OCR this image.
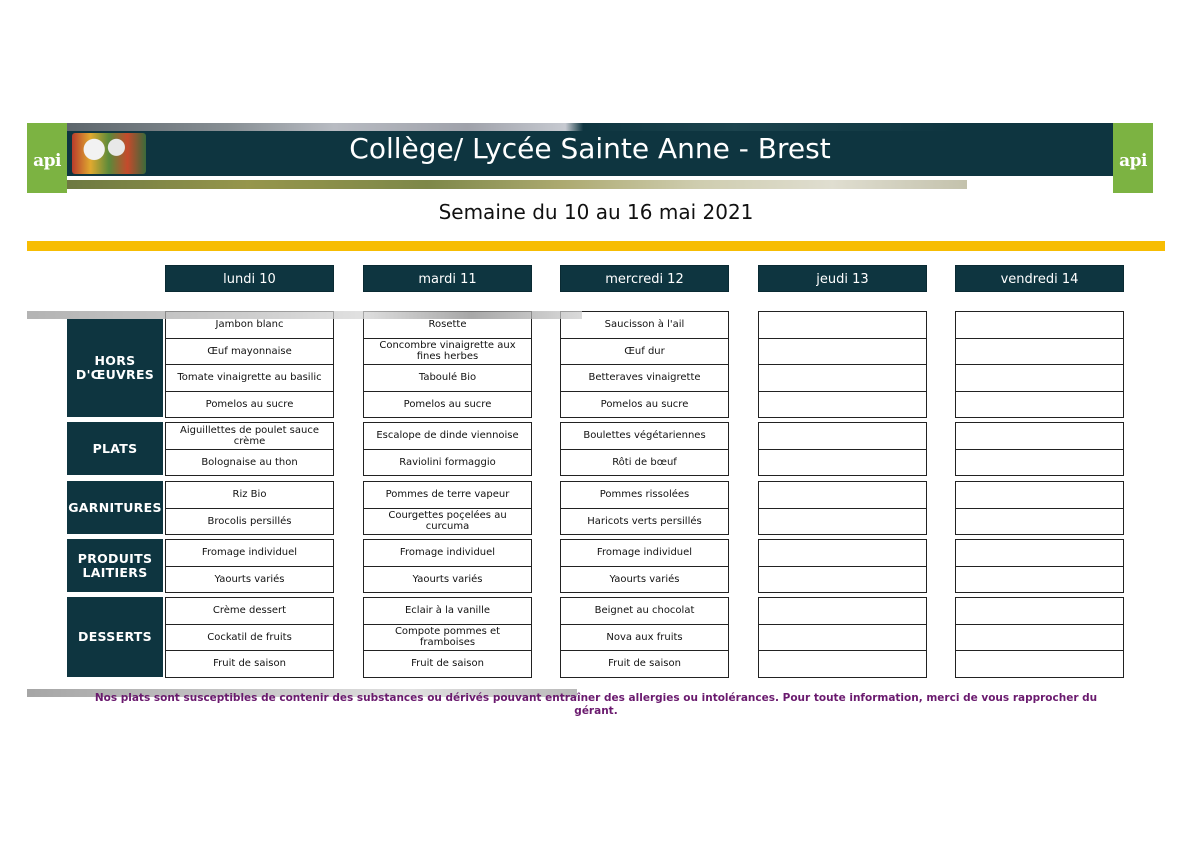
api	Collège/ Lycée Sainte Anne - Brest	api
Semaine du 10 au 16 mai 2021
lundi 10	mardi 11	mercredi 12	jeudi 13	vendredi 14
HORS
D'ŒUVRES
Jambon blanc	Rosette	Saucisson à l'ail
Œuf mayonnaise	Concombre vinaigrette aux fines herbes	Œuf dur
Tomate vinaigrette au basilic	Taboulé Bio	Betteraves vinaigrette
Pomelos au sucre	Pomelos au sucre	Pomelos au sucre
PLATS
Aiguillettes de poulet sauce crème	Escalope de dinde viennoise	Boulettes végétariennes
Bolognaise au thon	Raviolini formaggio	Rôti de bœuf
GARNITURES
Riz Bio	Pommes de terre vapeur	Pommes rissolées
Brocolis persillés	Courgettes poçelées au curcuma	Haricots verts persillés
PRODUITS
LAITIERS
Fromage individuel	Fromage individuel	Fromage individuel
Yaourts variés	Yaourts variés	Yaourts variés
DESSERTS
Crème dessert	Eclair à la vanille	Beignet au chocolat
Cockatil de fruits	Compote pommes et framboises	Nova aux fruits
Fruit de saison	Fruit de saison	Fruit de saison
Nos plats sont susceptibles de contenir des substances ou dérivés pouvant entraîner des allergies ou intolérances. Pour toute information, merci de vous rapprocher du gérant.
